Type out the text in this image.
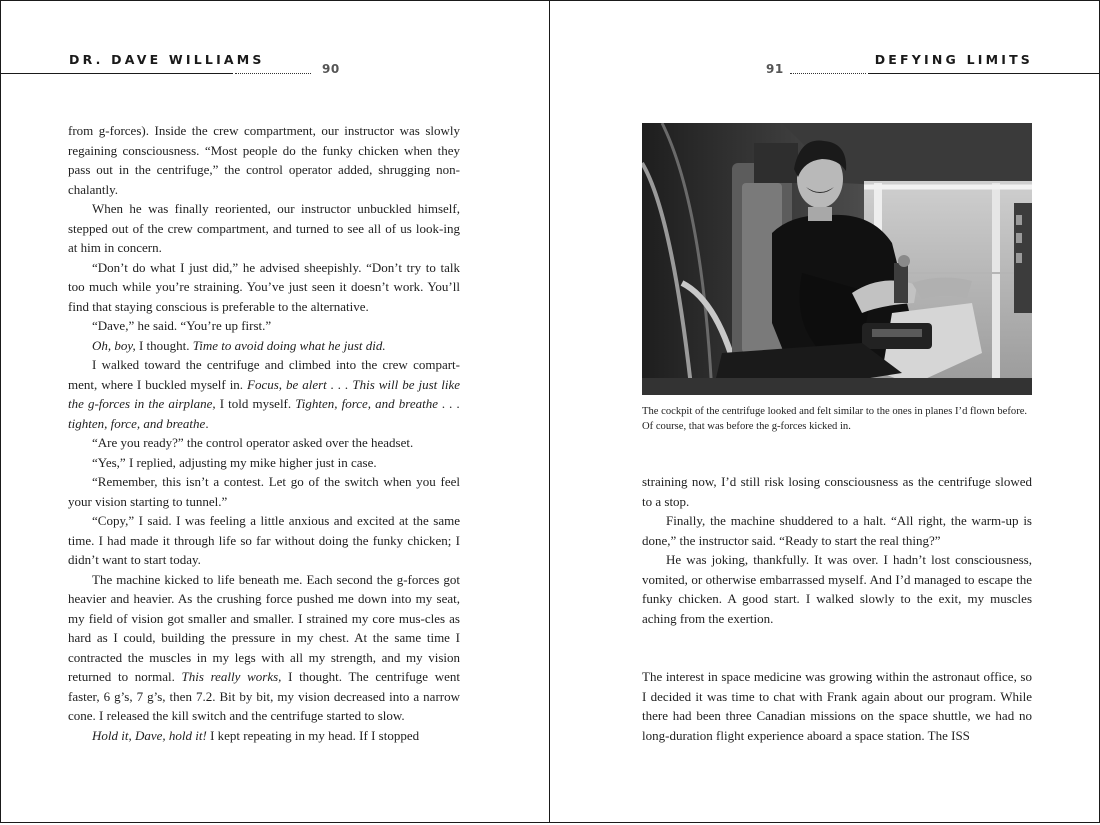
DR. DAVE WILLIAMS
90

from g-forces). Inside the crew compartment, our instructor was slowly regaining consciousness. “Most people do the funky chicken when they pass out in the centrifuge,” the control operator added, shrugging non-chalantly.

When he was finally reoriented, our instructor unbuckled himself, stepped out of the crew compartment, and turned to see all of us look-ing at him in concern.

“Don’t do what I just did,” he advised sheepishly. “Don’t try to talk too much while you’re straining. You’ve just seen it doesn’t work. You’ll find that staying conscious is preferable to the alternative.

“Dave,” he said. “You’re up first.”

Oh, boy, I thought. Time to avoid doing what he just did.

I walked toward the centrifuge and climbed into the crew compart-ment, where I buckled myself in. Focus, be alert . . . This will be just like the g-forces in the airplane, I told myself. Tighten, force, and breathe . . . tighten, force, and breathe.

“Are you ready?” the control operator asked over the headset.

“Yes,” I replied, adjusting my mike higher just in case.

“Remember, this isn’t a contest. Let go of the switch when you feel your vision starting to tunnel.”

“Copy,” I said. I was feeling a little anxious and excited at the same time. I had made it through life so far without doing the funky chicken; I didn’t want to start today.

The machine kicked to life beneath me. Each second the g-forces got heavier and heavier. As the crushing force pushed me down into my seat, my field of vision got smaller and smaller. I strained my core mus-cles as hard as I could, building the pressure in my chest. At the same time I contracted the muscles in my legs with all my strength, and my vision returned to normal. This really works, I thought. The centrifuge went faster, 6 g’s, 7 g’s, then 7.2. Bit by bit, my vision decreased into a narrow cone. I released the kill switch and the centrifuge started to slow.

Hold it, Dave, hold it! I kept repeating in my head. If I stopped

DEFYING LIMITS
91
The cockpit of the centrifuge looked and felt similar to the ones in planes I’d flown before. Of course, that was before the g-forces kicked in.

straining now, I’d still risk losing consciousness as the centrifuge slowed to a stop.

Finally, the machine shuddered to a halt. “All right, the warm-up is done,” the instructor said. “Ready to start the real thing?”

He was joking, thankfully. It was over. I hadn’t lost consciousness, vomited, or otherwise embarrassed myself. And I’d managed to escape the funky chicken. A good start. I walked slowly to the exit, my muscles aching from the exertion.

The interest in space medicine was growing within the astronaut office, so I decided it was time to chat with Frank again about our program. While there had been three Canadian missions on the space shuttle, we had no long-duration flight experience aboard a space station. The ISS
